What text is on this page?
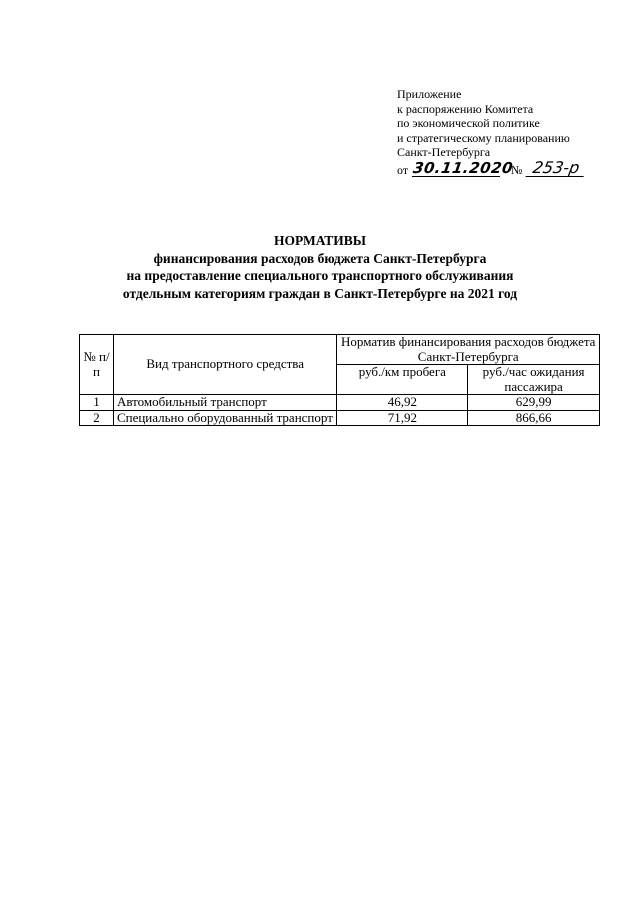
Приложение
к распоряжению Комитета
по экономической политике
и стратегическому планированию
Санкт-Петербурга
от 30.11.2020
№ 253-р
НОРМАТИВЫ
финансирования расходов бюджета Санкт-Петербурга
на предоставление специального транспортного обслуживания
отдельным категориям граждан в Санкт-Петербурге на 2021 год
№ п/п	Вид транспортного средства	Норматив финансирования расходов бюджета Санкт-Петербурга	
		руб./км пробега	руб./час ожидания пассажира
1	Автомобильный транспорт	46,92	629,99
2	Специально оборудованный транспорт	71,92	866,66
